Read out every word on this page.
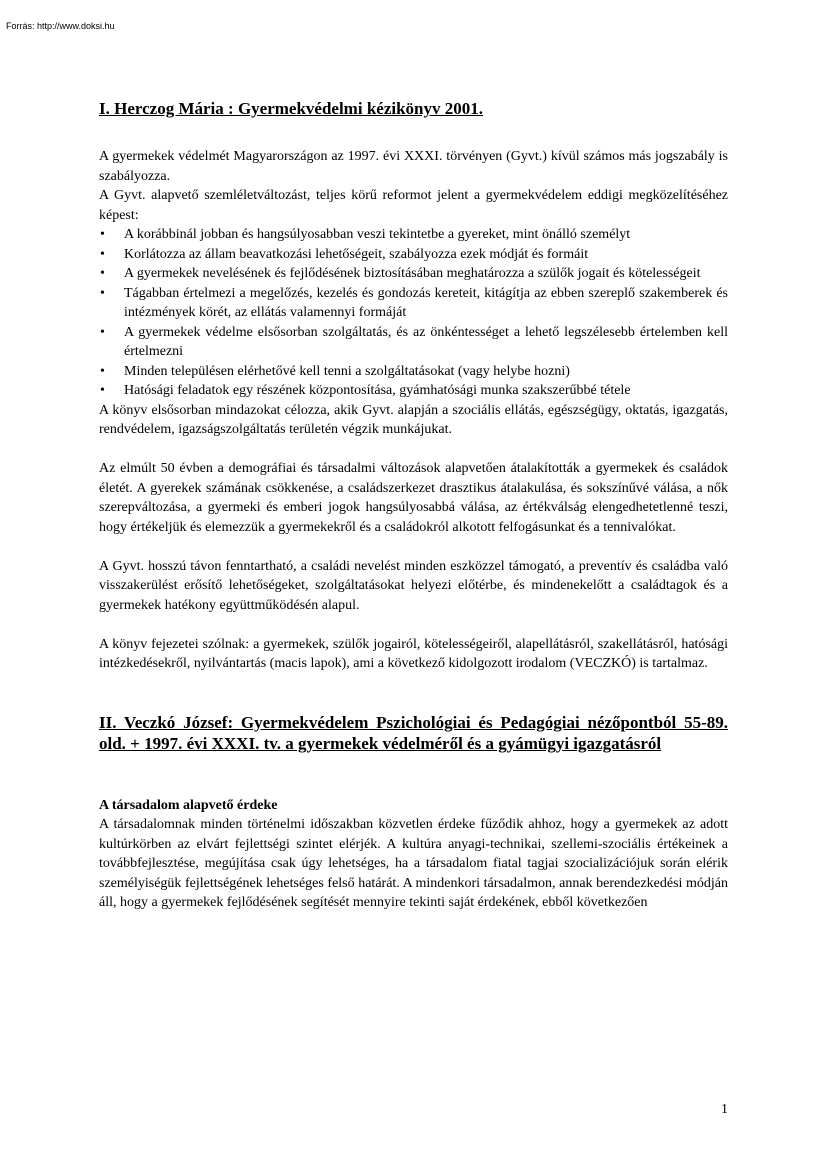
Forrás: http://www.doksi.hu
I. Herczog Mária : Gyermekvédelmi kézikönyv 2001.

A gyermekek védelmét Magyarországon az 1997. évi XXXI. törvényen (Gyvt.) kívül számos más jogszabály is szabályozza.

A Gyvt. alapvető szemléletváltozást, teljes körű reformot jelent a gyermekvédelem eddigi megközelítéséhez képest:

• A korábbinál jobban és hangsúlyosabban veszi tekintetbe a gyereket, mint önálló személyt
• Korlátozza az állam beavatkozási lehetőségeit, szabályozza ezek módját és formáit
• A gyermekek nevelésének és fejlődésének biztosításában meghatározza a szülők jogait és kötelességeit
• Tágabban értelmezi a megelőzés, kezelés és gondozás kereteit, kitágítja az ebben szereplő szakemberek és intézmények körét, az ellátás valamennyi formáját
• A gyermekek védelme elsősorban szolgáltatás, és az önkéntességet a lehető legszélesebb értelemben kell értelmezni
• Minden településen elérhetővé kell tenni a szolgáltatásokat (vagy helybe hozni)
• Hatósági feladatok egy részének központosítása, gyámhatósági munka szakszerűbbé tétele

A könyv elsősorban mindazokat célozza, akik Gyvt. alapján a szociális ellátás, egészségügy, oktatás, igazgatás, rendvédelem, igazságszolgáltatás területén végzik munkájukat.

Az elmúlt 50 évben a demográfiai és társadalmi változások alapvetően átalakították a gyermekek és családok életét. A gyerekek számának csökkenése, a családszerkezet drasztikus átalakulása, és sokszínűvé válása, a nők szerepváltozása, a gyermeki és emberi jogok hangsúlyosabbá válása, az értékválság elengedhetetlenné teszi, hogy értékeljük és elemezzük a gyermekekről és a családokról alkotott felfogásunkat és a tennivalókat.

A Gyvt. hosszú távon fenntartható, a családi nevelést minden eszközzel támogató, a preventív és családba való visszakerülést erősítő lehetőségeket, szolgáltatásokat helyezi előtérbe, és mindenekelőtt a családtagok és a gyermekek hatékony együttműködésén alapul.

A könyv fejezetei szólnak: a gyermekek, szülők jogairól, kötelességeiről, alapellátásról, szakellátásról, hatósági intézkedésekről, nyilvántartás (macis lapok), ami a következő kidolgozott irodalom (VECZKÓ) is tartalmaz.

II. Veczkó József: Gyermekvédelem Pszichológiai és Pedagógiai nézőpontból 55-89. old. + 1997. évi XXXI. tv. a gyermekek védelméről és a gyámügyi igazgatásról
A társadalom alapvető érdeke

A társadalomnak minden történelmi időszakban közvetlen érdeke fűződik ahhoz, hogy a gyermekek az adott kultúrkörben az elvárt fejlettségi szintet elérjék. A kultúra anyagi-technikai, szellemi-szociális értékeinek a továbbfejlesztése, megújítása csak úgy lehetséges, ha a társadalom fiatal tagjai szocializációjuk során elérik személyiségük fejlettségének lehetséges felső határát. A mindenkori társadalmon, annak berendezkedési módján áll, hogy a gyermekek fejlődésének segítését mennyire tekinti saját érdekének, ebből következően

1
